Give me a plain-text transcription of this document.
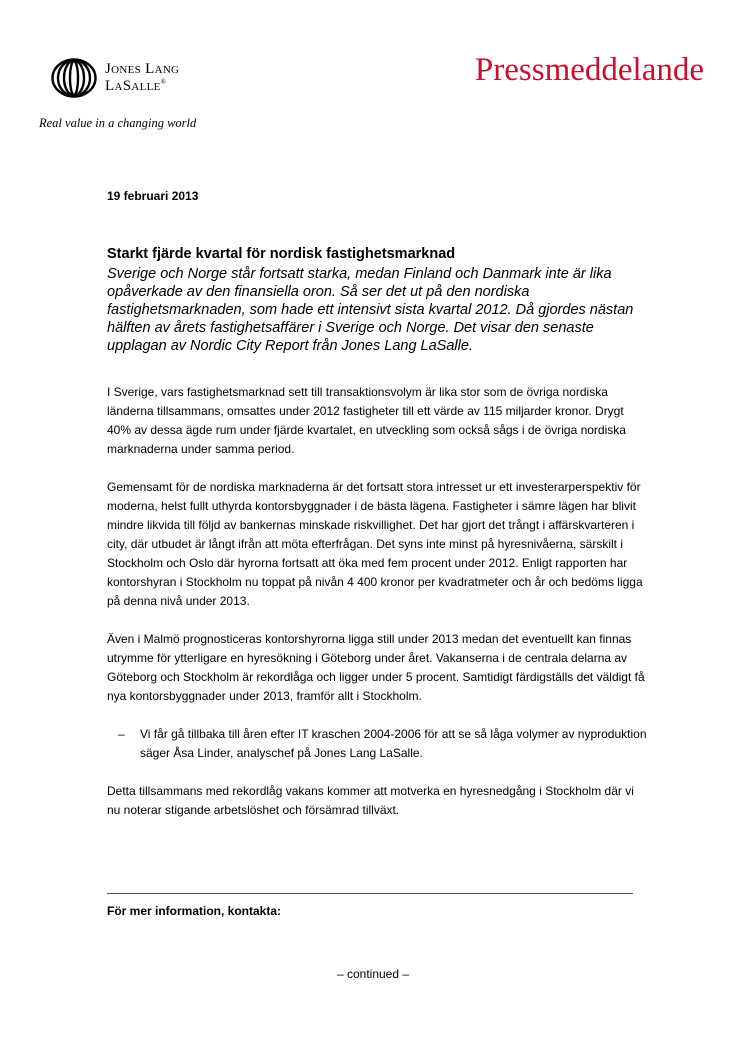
Jones Lang
LaSalle®
Real value in a changing world
Pressmeddelande
19 februari 2013

Starkt fjärde kvartal för nordisk fastighetsmarknad

Sverige och Norge står fortsatt starka, medan Finland och Danmark inte är lika opåverkade av den finansiella oron. Så ser det ut på den nordiska fastighetsmarknaden, som hade ett intensivt sista kvartal 2012. Då gjordes nästan hälften av årets fastighetsaffärer i Sverige och Norge. Det visar den senaste upplagan av Nordic City Report från Jones Lang LaSalle.

I Sverige, vars fastighetsmarknad sett till transaktionsvolym är lika stor som de övriga nordiska länderna tillsammans, omsattes under 2012 fastigheter till ett värde av 115 miljarder kronor. Drygt 40% av dessa ägde rum under fjärde kvartalet, en utveckling som också sågs i de övriga nordiska marknaderna under samma period.

Gemensamt för de nordiska marknaderna är det fortsatt stora intresset ur ett investerarperspektiv för moderna, helst fullt uthyrda kontorsbyggnader i de bästa lägena. Fastigheter i sämre lägen har blivit mindre likvida till följd av bankernas minskade riskvillighet. Det har gjort det trångt i affärskvarteren i city, där utbudet är långt ifrån att möta efterfrågan. Det syns inte minst på hyresnivåerna, särskilt i Stockholm och Oslo där hyrorna fortsatt att öka med fem procent under 2012. Enligt rapporten har kontorshyran i Stockholm nu toppat på nivån 4 400 kronor per kvadratmeter och år och bedöms ligga på denna nivå under 2013.

Även i Malmö prognosticeras kontorshyrorna ligga still under 2013 medan det eventuellt kan finnas utrymme för ytterligare en hyresökning i Göteborg under året. Vakanserna i de centrala delarna av Göteborg och Stockholm är rekordlåga och ligger under 5 procent. Samtidigt färdigställs det väldigt få nya kontorsbyggnader under 2013, framför allt i Stockholm.

– Vi får gå tillbaka till åren efter IT kraschen 2004-2006 för att se så låga volymer av nyproduktion säger Åsa Linder, analyschef på Jones Lang LaSalle.

Detta tillsammans med rekordlåg vakans kommer att motverka en hyresnedgång i Stockholm där vi nu noterar stigande arbetslöshet och försämrad tillväxt.

För mer information, kontakta:
– continued –
